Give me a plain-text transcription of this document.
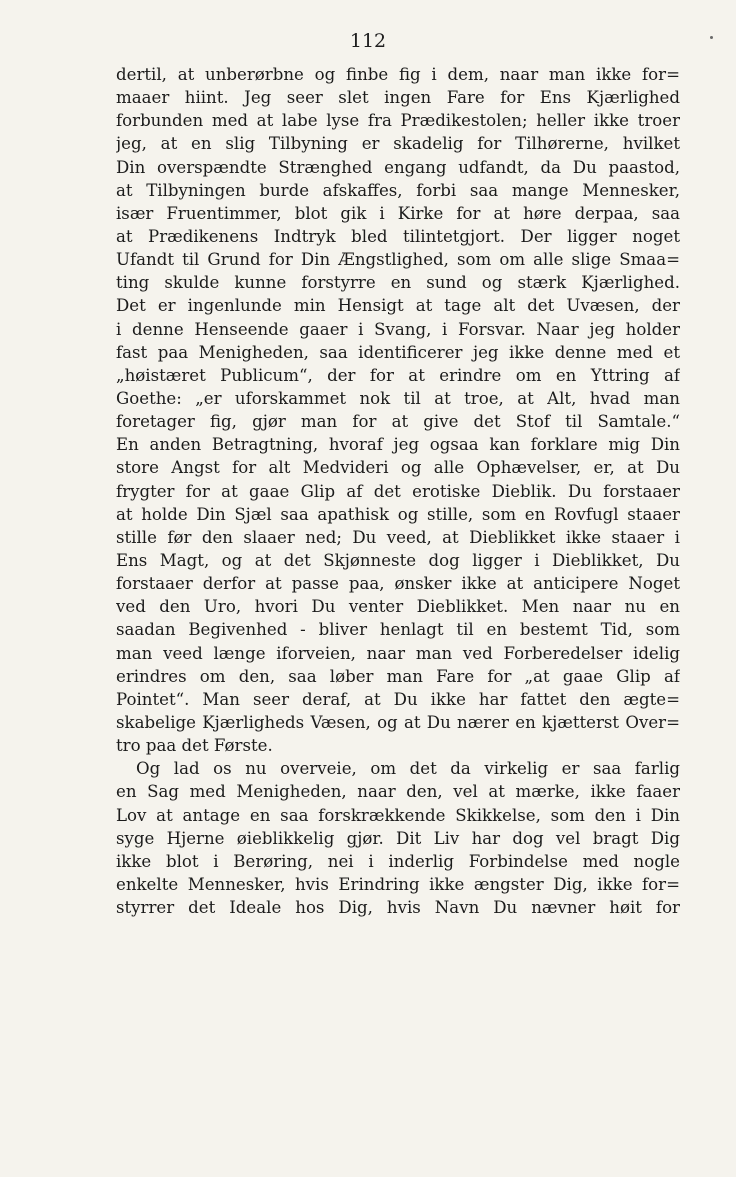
112
dertil, at unberørbne og finbe fig i dem, naar man ikke for=
maaer hiint. Jeg seer slet ingen Fare for Ens Kjærlighed
forbunden med at labe lyse fra Prædikestolen; heller ikke troer
jeg, at en slig Tilbyning er skadelig for Tilhørerne, hvilket
Din overspændte Strænghed engang udfandt, da Du paastod,
at Tilbyningen burde afskaffes, forbi saa mange Mennesker,
især Fruentimmer, blot gik i Kirke for at høre derpaa, saa
at Prædikenens Indtryk bled tilintetgjort. Der ligger noget
Ufandt til Grund for Din Ængstlighed, som om alle slige Smaa=
ting skulde kunne forstyrre en sund og stærk Kjærlighed.
Det er ingenlunde min Hensigt at tage alt det Uvæsen, der
i denne Henseende gaaer i Svang, i Forsvar. Naar jeg holder
fast paa Menigheden, saa identificerer jeg ikke denne med et
„høistæret Publicum“, der for at erindre om en Yttring af
Goethe: „er uforskammet nok til at troe, at Alt, hvad man
foretager fig, gjør man for at give det Stof til Samtale.“
En anden Betragtning, hvoraf jeg ogsaa kan forklare mig Din
store Angst for alt Medvideri og alle Ophævelser, er, at Du
frygter for at gaae Glip af det erotiske Dieblik. Du forstaaer
at holde Din Sjæl saa apathisk og stille, som en Rovfugl staaer
stille før den slaaer ned; Du veed, at Dieblikket ikke staaer i
Ens Magt, og at det Skjønneste dog ligger i Dieblikket, Du
forstaaer derfor at passe paa, ønsker ikke at anticipere Noget
ved den Uro, hvori Du venter Dieblikket. Men naar nu en
saadan Begivenhed - bliver henlagt til en bestemt Tid, som
man veed længe iforveien, naar man ved Forberedelser idelig
erindres om den, saa løber man Fare for „at gaae Glip af
Pointet“. Man seer deraf, at Du ikke har fattet den ægte=
skabelige Kjærligheds Væsen, og at Du nærer en kjætterst Over=
tro paa det Første.
Og lad os nu overveie, om det da virkelig er saa farlig
en Sag med Menigheden, naar den, vel at mærke, ikke faaer
Lov at antage en saa forskrækkende Skikkelse, som den i Din
syge Hjerne øieblikkelig gjør. Dit Liv har dog vel bragt Dig
ikke blot i Berøring, nei i inderlig Forbindelse med nogle
enkelte Mennesker, hvis Erindring ikke ængster Dig, ikke for=
styrrer det Ideale hos Dig, hvis Navn Du nævner høit for
